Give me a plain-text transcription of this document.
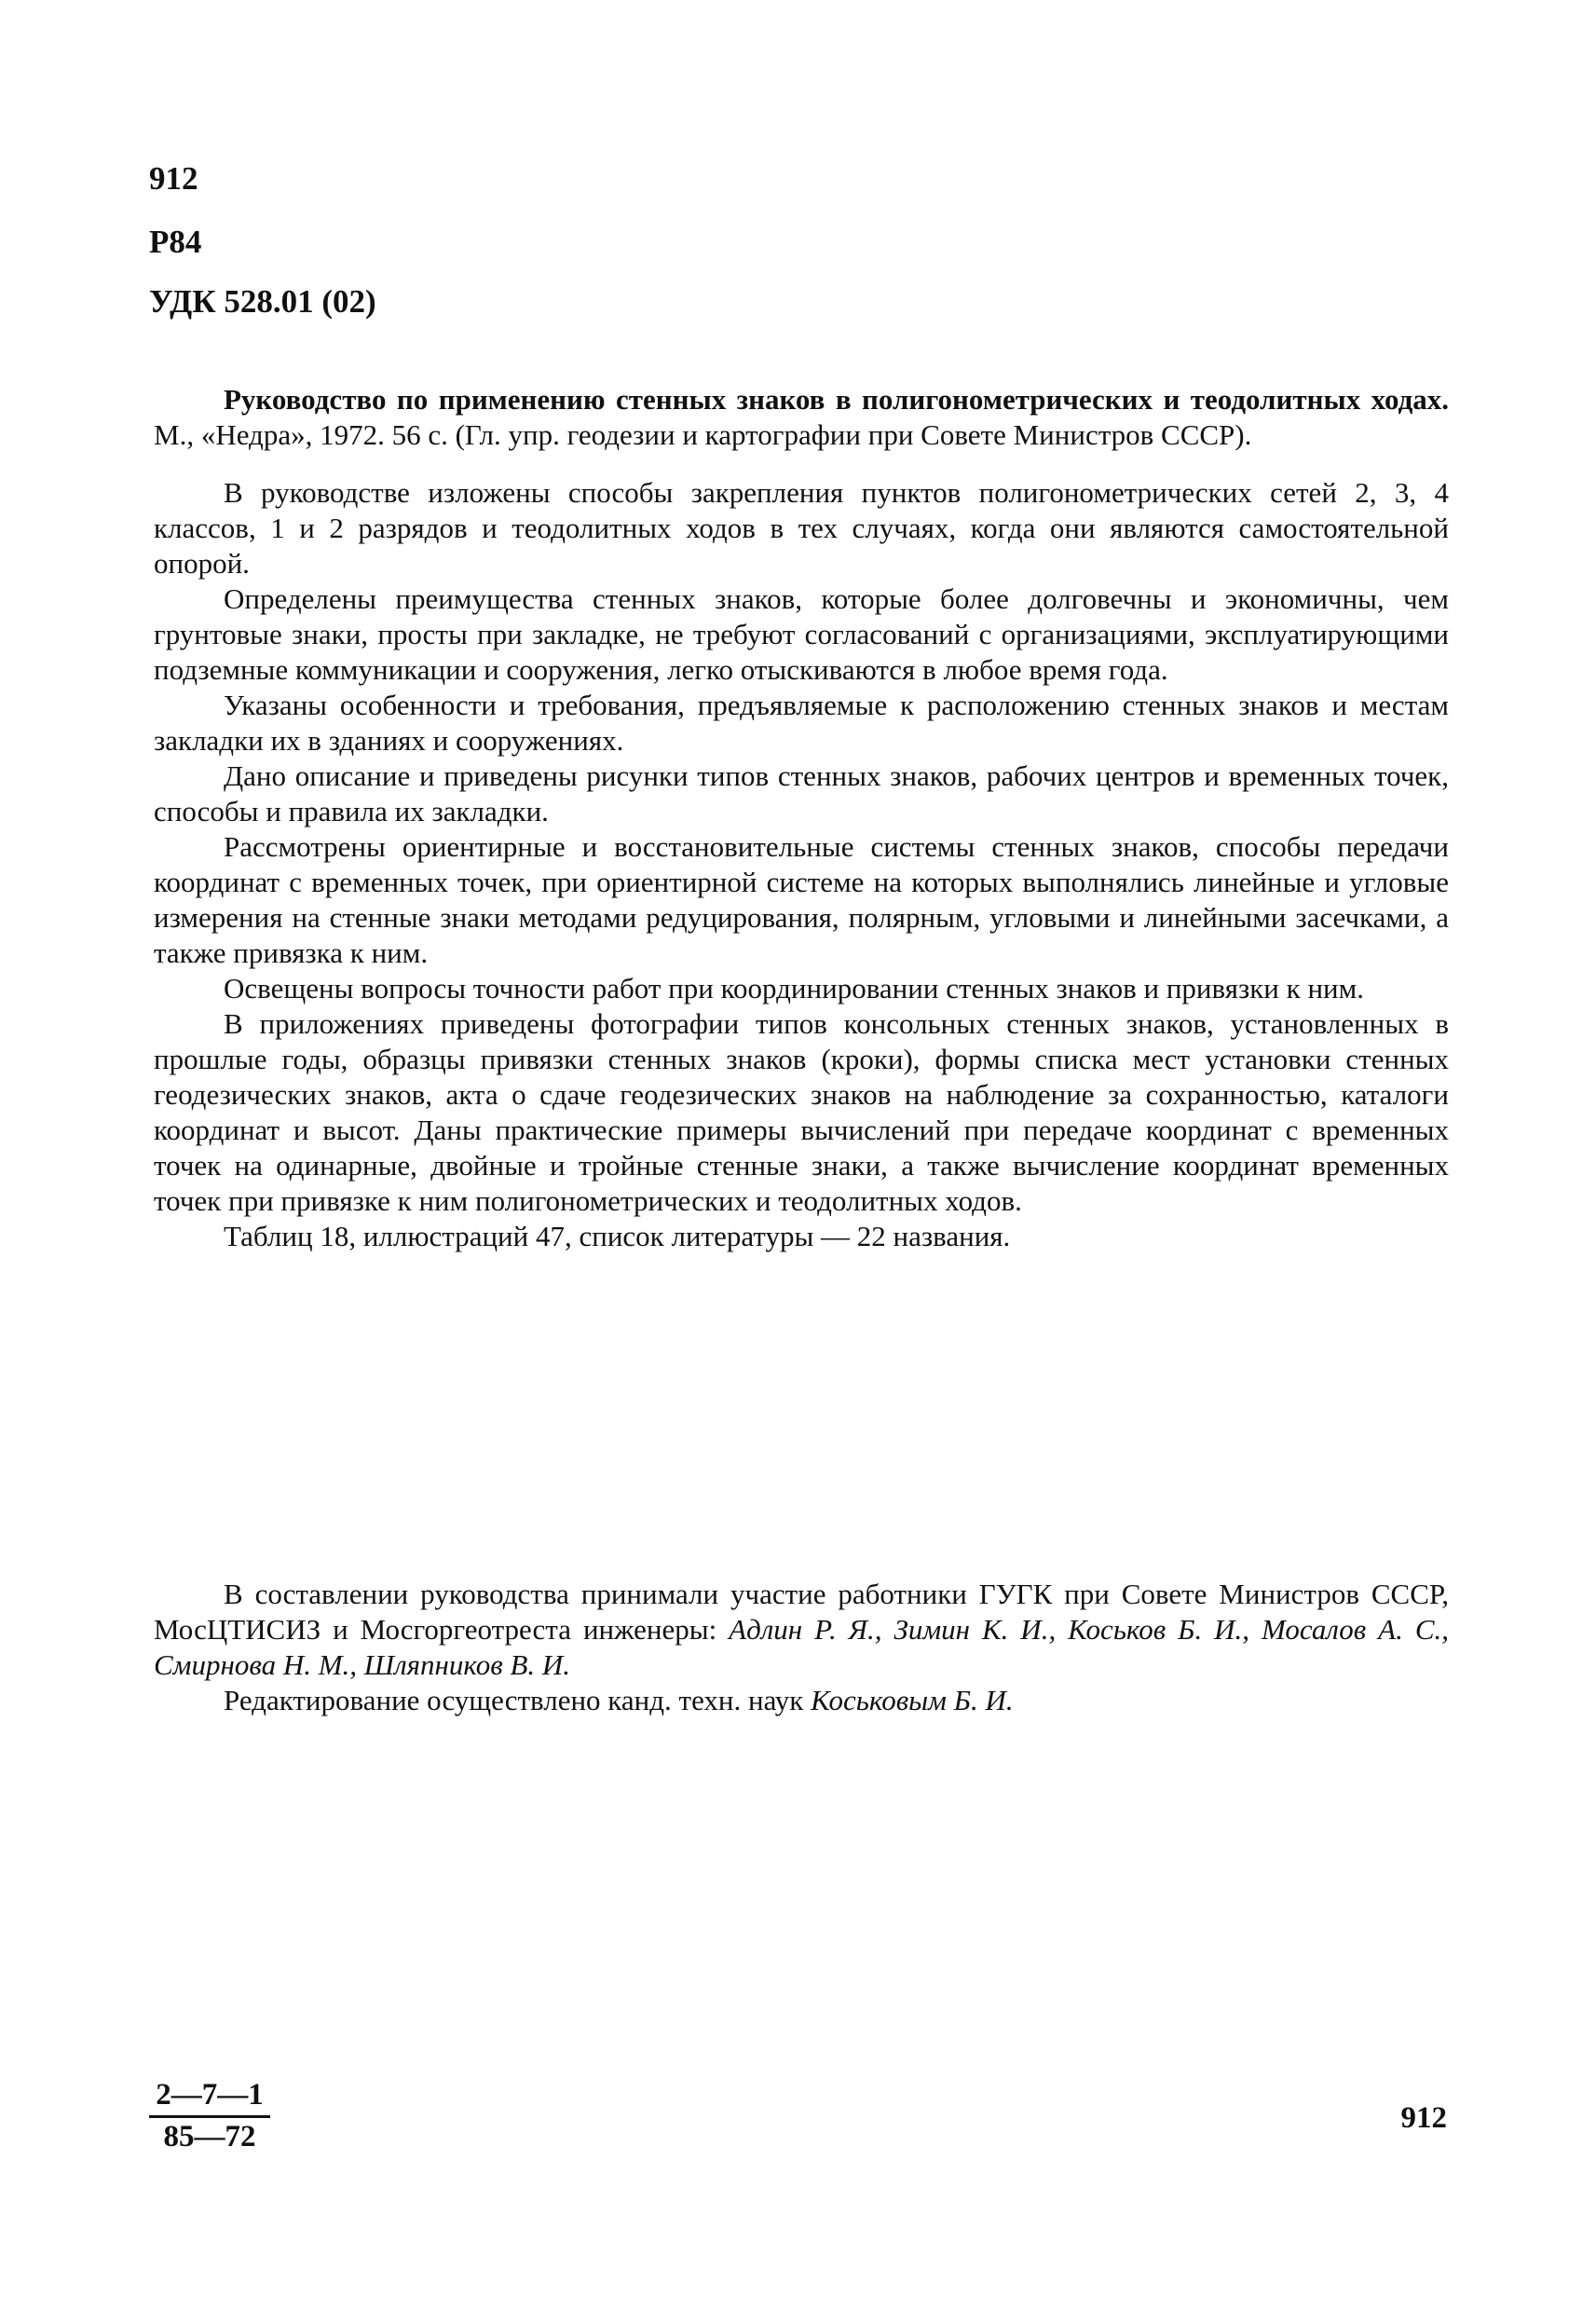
912
Р84
УДК 528.01 (02)

Руководство по применению стенных знаков в полигонометрических и теодолитных ходах. М., «Недра», 1972. 56 с. (Гл. упр. геодезии и картографии при Совете Министров СССР).

В руководстве изложены способы закрепления пунктов полигонометрических сетей 2, 3, 4 классов, 1 и 2 разрядов и теодолитных ходов в тех случаях, когда они являются самостоятельной опорой.

Определены преимущества стенных знаков, которые более долговечны и экономичны, чем грунтовые знаки, просты при закладке, не требуют согласований с организациями, эксплуатирующими подземные коммуникации и сооружения, легко отыскиваются в любое время года.

Указаны особенности и требования, предъявляемые к расположению стенных знаков и местам закладки их в зданиях и сооружениях.

Дано описание и приведены рисунки типов стенных знаков, рабочих центров и временных точек, способы и правила их закладки.

Рассмотрены ориентирные и восстановительные системы стенных знаков, способы передачи координат с временных точек, при ориентирной системе на которых выполнялись линейные и угловые измерения на стенные знаки методами редуцирования, полярным, угловыми и линейными засечками, а также привязка к ним.

Освещены вопросы точности работ при координировании стенных знаков и привязки к ним.

В приложениях приведены фотографии типов консольных стенных знаков, установленных в прошлые годы, образцы привязки стенных знаков (кроки), формы списка мест установки стенных геодезических знаков, акта о сдаче геодезических знаков на наблюдение за сохранностью, каталоги координат и высот. Даны практические примеры вычислений при передаче координат с временных точек на одинарные, двойные и тройные стенные знаки, а также вычисление координат временных точек при привязке к ним полигонометрических и теодолитных ходов.

Таблиц 18, иллюстраций 47, список литературы — 22 названия.

В составлении руководства принимали участие работники ГУГК при Совете Министров СССР, МосЦТИСИЗ и Мосгоргеотреста инженеры: Адлин Р. Я., Зимин К. И., Коськов Б. И., Мосалов А. С., Смирнова Н. М., Шляпников В. И.

Редактирование осуществлено канд. техн. наук Коськовым Б. И.

2—7—1
85—72
912
